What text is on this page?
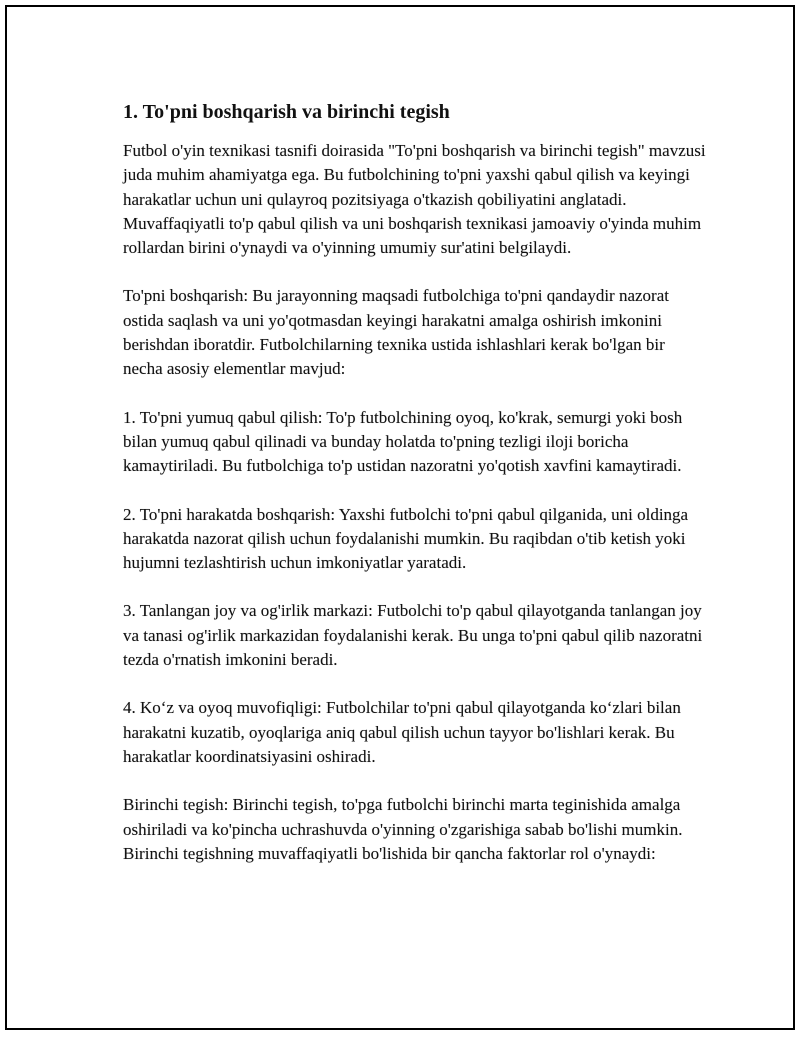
1. To'pni boshqarish va birinchi tegish

Futbol o'yin texnikasi tasnifi doirasida "To'pni boshqarish va birinchi tegish" mavzusi juda muhim ahamiyatga ega. Bu futbolchining to'pni yaxshi qabul qilish va keyingi harakatlar uchun uni qulayroq pozitsiyaga o'tkazish qobiliyatini anglatadi. Muvaffaqiyatli to'p qabul qilish va uni boshqarish texnikasi jamoaviy o'yinda muhim rollardan birini o'ynaydi va o'yinning umumiy sur'atini belgilaydi.

To'pni boshqarish: Bu jarayonning maqsadi futbolchiga to'pni qandaydir nazorat ostida saqlash va uni yo'qotmasdan keyingi harakatni amalga oshirish imkonini berishdan iboratdir. Futbolchilarning texnika ustida ishlashlari kerak bo'lgan bir necha asosiy elementlar mavjud:

1. To'pni yumuq qabul qilish: To'p futbolchining oyoq, ko'krak, semurgi yoki bosh bilan yumuq qabul qilinadi va bunday holatda to'pning tezligi iloji boricha kamaytiriladi. Bu futbolchiga to'p ustidan nazoratni yo'qotish xavfini kamaytiradi.

2. To'pni harakatda boshqarish: Yaxshi futbolchi to'pni qabul qilganida, uni oldinga harakatda nazorat qilish uchun foydalanishi mumkin. Bu raqibdan o'tib ketish yoki hujumni tezlashtirish uchun imkoniyatlar yaratadi.

3. Tanlangan joy va og'irlik markazi: Futbolchi to'p qabul qilayotganda tanlangan joy va tanasi og'irlik markazidan foydalanishi kerak. Bu unga to'pni qabul qilib nazoratni tezda o'rnatish imkonini beradi.

4. Ko‘z va oyoq muvofiqligi: Futbolchilar to'pni qabul qilayotganda ko‘zlari bilan harakatni kuzatib, oyoqlariga aniq qabul qilish uchun tayyor bo'lishlari kerak. Bu harakatlar koordinatsiyasini oshiradi.

Birinchi tegish: Birinchi tegish, to'pga futbolchi birinchi marta teginishida amalga oshiriladi va ko'pincha uchrashuvda o'yinning o'zgarishiga sabab bo'lishi mumkin. Birinchi tegishning muvaffaqiyatli bo'lishida bir qancha faktorlar rol o'ynaydi:
